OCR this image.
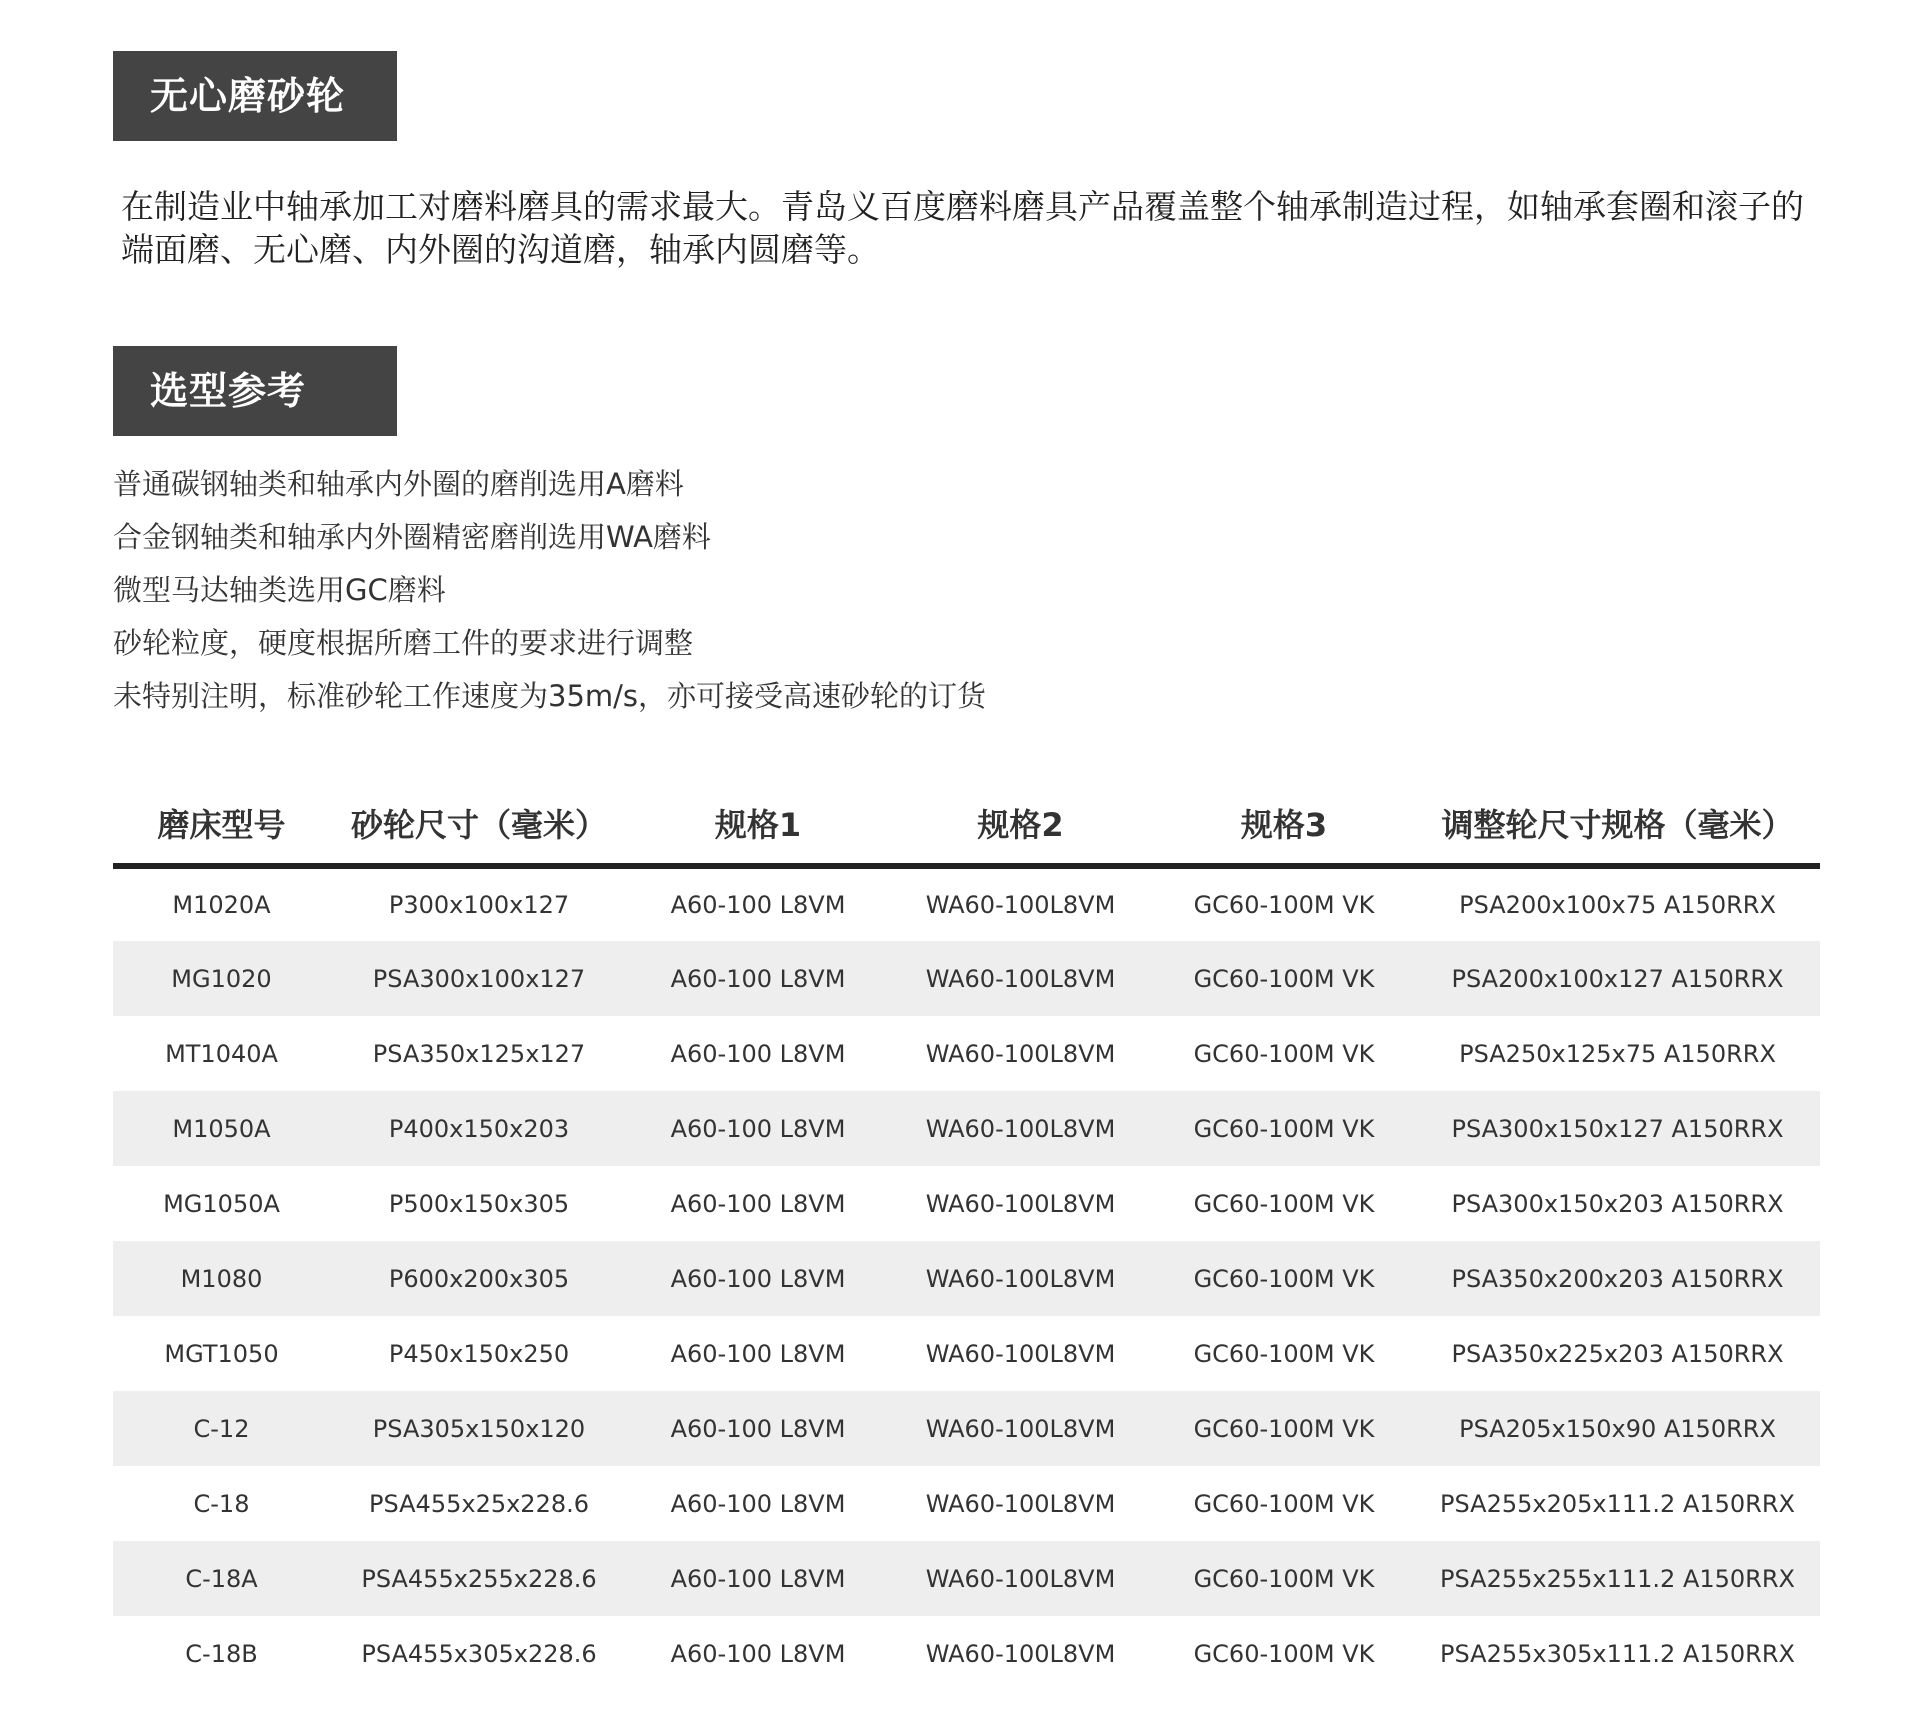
无心磨砂轮

在制造业中轴承加工对磨料磨具的需求最大。青岛义百度磨料磨具产品覆盖整个轴承制造过程，如轴承套圈和滚子的端面磨、无心磨、内外圈的沟道磨，轴承内圆磨等。

选型参考
普通碳钢轴类和轴承内外圈的磨削选用A磨料
合金钢轴类和轴承内外圈精密磨削选用WA磨料
微型马达轴类选用GC磨料
砂轮粒度，硬度根据所磨工件的要求进行调整
未特别注明，标准砂轮工作速度为35m/s，亦可接受高速砂轮的订货
磨床型号	砂轮尺寸（毫米）	规格1	规格2	规格3	调整轮尺寸规格（毫米）
M1020A	P300x100x127	A60-100 L8VM	WA60-100L8VM	GC60-100M VK	PSA200x100x75 A150RRX
MG1020	PSA300x100x127	A60-100 L8VM	WA60-100L8VM	GC60-100M VK	PSA200x100x127 A150RRX
MT1040A	PSA350x125x127	A60-100 L8VM	WA60-100L8VM	GC60-100M VK	PSA250x125x75 A150RRX
M1050A	P400x150x203	A60-100 L8VM	WA60-100L8VM	GC60-100M VK	PSA300x150x127 A150RRX
MG1050A	P500x150x305	A60-100 L8VM	WA60-100L8VM	GC60-100M VK	PSA300x150x203 A150RRX
M1080	P600x200x305	A60-100 L8VM	WA60-100L8VM	GC60-100M VK	PSA350x200x203 A150RRX
MGT1050	P450x150x250	A60-100 L8VM	WA60-100L8VM	GC60-100M VK	PSA350x225x203 A150RRX
C-12	PSA305x150x120	A60-100 L8VM	WA60-100L8VM	GC60-100M VK	PSA205x150x90 A150RRX
C-18	PSA455x25x228.6	A60-100 L8VM	WA60-100L8VM	GC60-100M VK	PSA255x205x111.2 A150RRX
C-18A	PSA455x255x228.6	A60-100 L8VM	WA60-100L8VM	GC60-100M VK	PSA255x255x111.2 A150RRX
C-18B	PSA455x305x228.6	A60-100 L8VM	WA60-100L8VM	GC60-100M VK	PSA255x305x111.2 A150RRX
